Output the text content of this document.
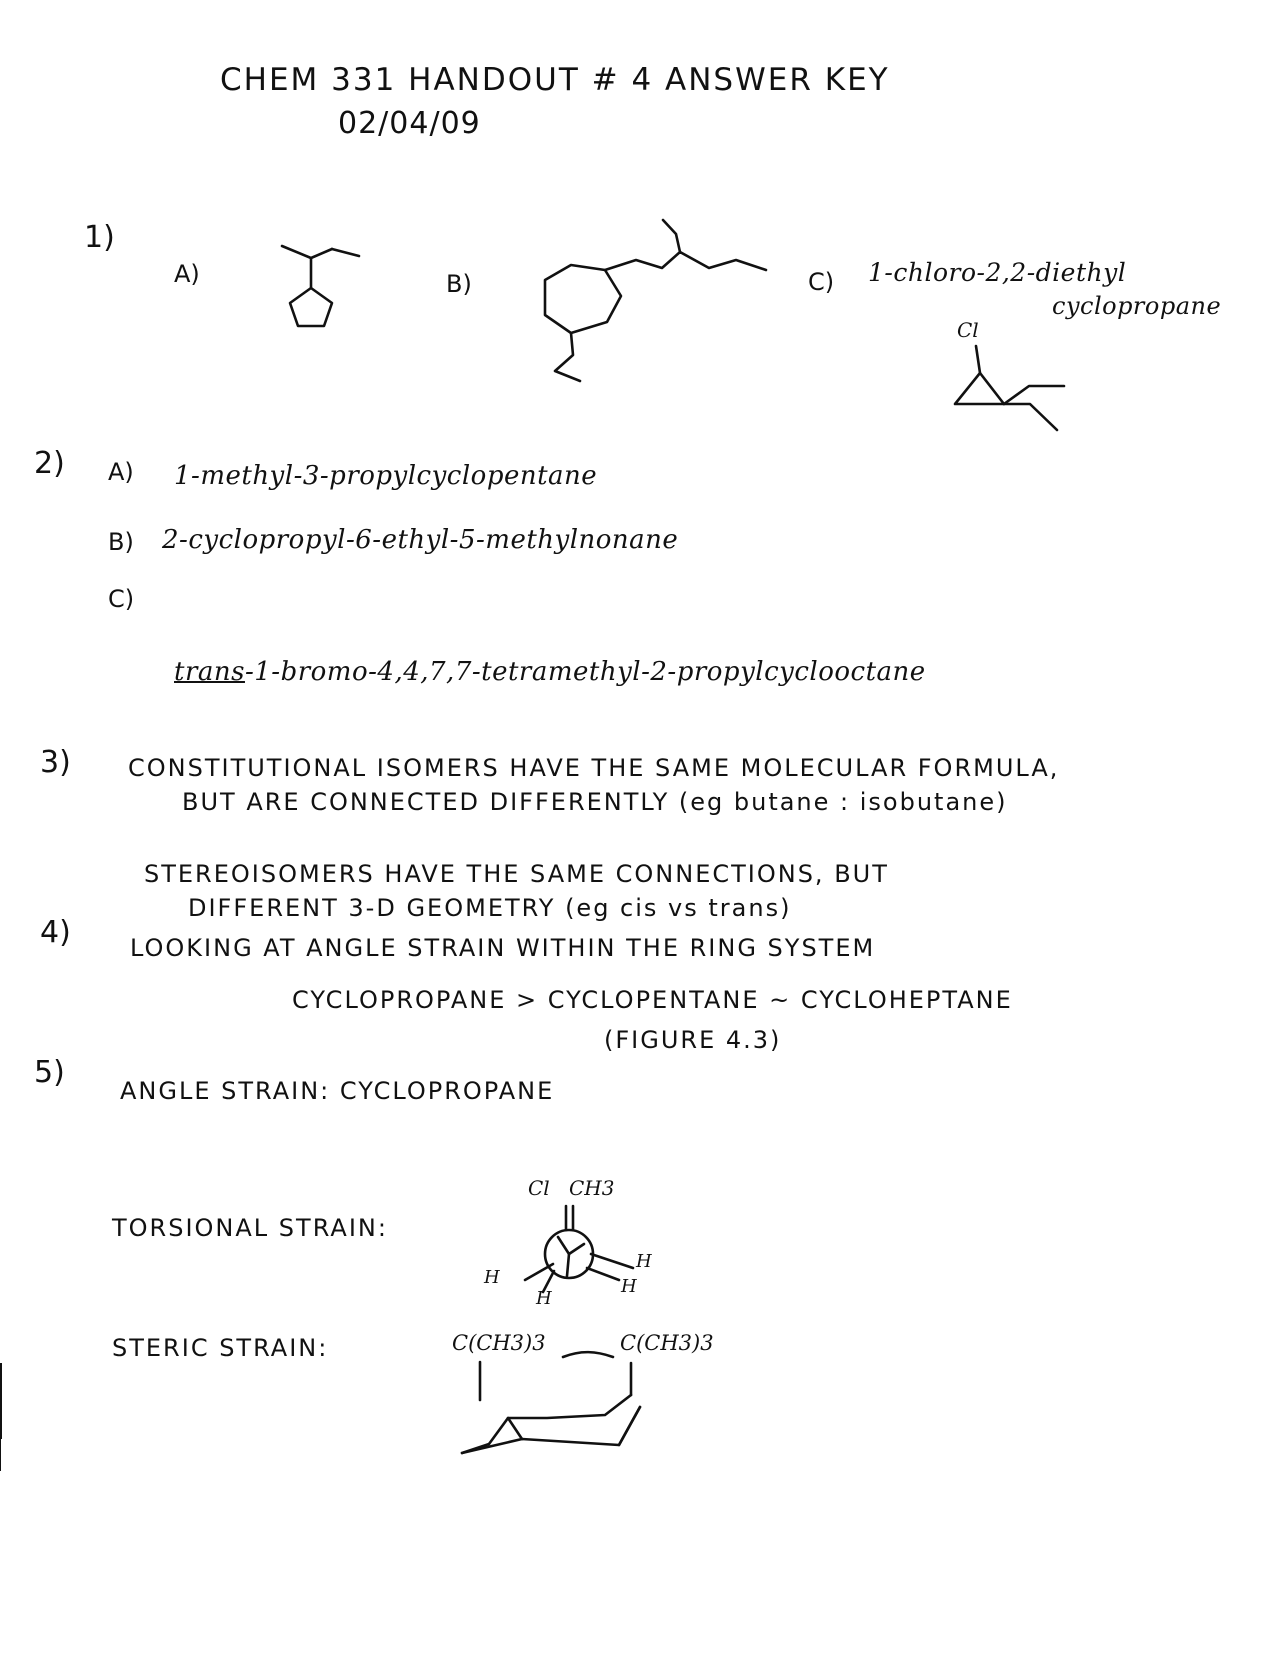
CHEM 331 HANDOUT # 4 ANSWER KEY
02/04/09
1)
A)	B)	C) 1-chloro-2,2-diethyl
cyclopropane
Cl
2) A) 1-methyl-3-propylcyclopentane
B) 2-cyclopropyl-6-ethyl-5-methylnonane
C)
trans-1-bromo-4,4,7,7-tetramethyl-2-propylcyclooctane
3) CONSTITUTIONAL ISOMERS HAVE THE SAME MOLECULAR FORMULA,
BUT ARE CONNECTED DIFFERENTLY (eg butane : isobutane)
STEREOISOMERS HAVE THE SAME CONNECTIONS, BUT
DIFFERENT 3-D GEOMETRY (eg cis vs trans)
4) LOOKING AT ANGLE STRAIN WITHIN THE RING SYSTEM
CYCLOPROPANE > CYCLOPENTANE ~ CYCLOHEPTANE
(FIGURE 4.3)
5)
ANGLE STRAIN: CYCLOPROPANE
TORSIONAL STRAIN:
Cl CH3
H
H
H
H
STERIC STRAIN:	C(CH3)3	C(CH3)3
